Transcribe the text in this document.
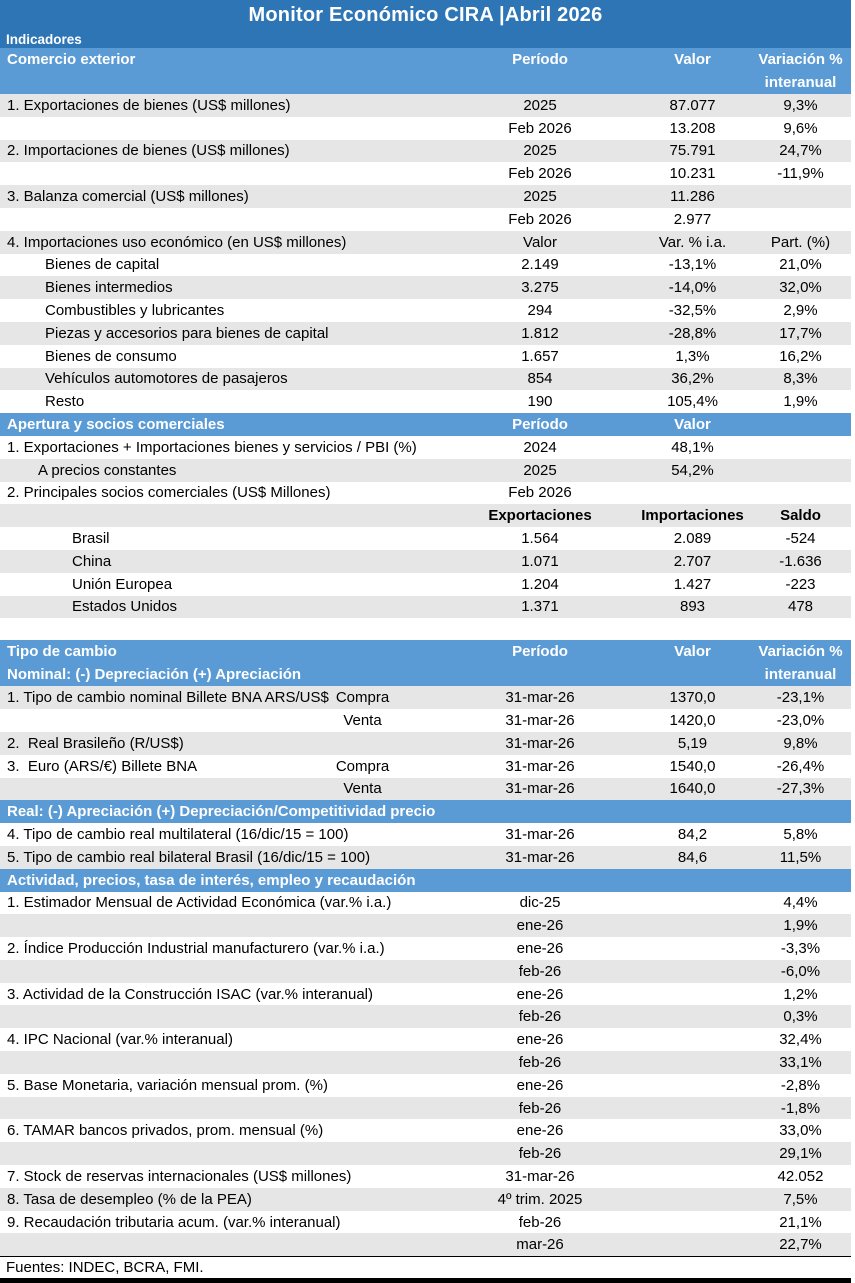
Monitor Económico CIRA |Abril 2026
Indicadores
Comercio exterior	Período	Valor	Variación %
interanual
1. Exportaciones de bienes (US$ millones)	2025	87.077	9,3%
Feb 2026	13.208	9,6%
2. Importaciones de bienes (US$ millones)	2025	75.791	24,7%
Feb 2026	10.231	-11,9%
3. Balanza comercial (US$ millones)	2025	11.286
Feb 2026	2.977
4. Importaciones uso económico (en US$ millones)	Valor	Var. % i.a.	Part. (%)
Bienes de capital	2.149	-13,1%	21,0%
Bienes intermedios	3.275	-14,0%	32,0%
Combustibles y lubricantes	294	-32,5%	2,9%
Piezas y accesorios para bienes de capital	1.812	-28,8%	17,7%
Bienes de consumo	1.657	1,3%	16,2%
Vehículos automotores de pasajeros	854	36,2%	8,3%
Resto	190	105,4%	1,9%
Apertura y socios comerciales	Período	Valor
1. Exportaciones + Importaciones bienes y servicios / PBI (%)	2024	48,1%
A precios constantes	2025	54,2%
2. Principales socios comerciales (US$ Millones)	Feb 2026
Exportaciones	Importaciones	Saldo
Brasil	1.564	2.089	-524
China	1.071	2.707	-1.636
Unión Europea	1.204	1.427	-223
Estados Unidos	1.371	893	478
Tipo de cambio	Período	Valor	Variación %
Nominal: (-) Depreciación (+) Apreciación	interanual
1. Tipo de cambio nominal Billete BNA ARS/US$ Compra	31-mar-26	1370,0	-23,1%
Venta	31-mar-26	1420,0	-23,0%
2.  Real Brasileño (R/US$)	31-mar-26	5,19	9,8%
3.  Euro (ARS/€) Billete BNA	Compra	31-mar-26	1540,0	-26,4%
Venta	31-mar-26	1640,0	-27,3%
Real: (-) Apreciación (+) Depreciación/Competitividad precio
4. Tipo de cambio real multilateral (16/dic/15 = 100)	31-mar-26	84,2	5,8%
5. Tipo de cambio real bilateral Brasil (16/dic/15 = 100)	31-mar-26	84,6	11,5%
Actividad, precios, tasa de interés, empleo y recaudación
1. Estimador Mensual de Actividad Económica (var.% i.a.)	dic-25	4,4%
ene-26	1,9%
2. Índice Producción Industrial manufacturero (var.% i.a.)	ene-26	-3,3%
feb-26	-6,0%
3. Actividad de la Construcción ISAC (var.% interanual)	ene-26	1,2%
feb-26	0,3%
4. IPC Nacional (var.% interanual)	ene-26	32,4%
feb-26	33,1%
5. Base Monetaria, variación mensual prom. (%)	ene-26	-2,8%
feb-26	-1,8%
6. TAMAR bancos privados, prom. mensual (%)	ene-26	33,0%
feb-26	29,1%
7. Stock de reservas internacionales (US$ millones)	31-mar-26	42.052
8. Tasa de desempleo (% de la PEA)	4º trim. 2025	7,5%
9. Recaudación tributaria acum. (var.% interanual)	feb-26	21,1%
mar-26	22,7%
Fuentes: INDEC, BCRA, FMI.
